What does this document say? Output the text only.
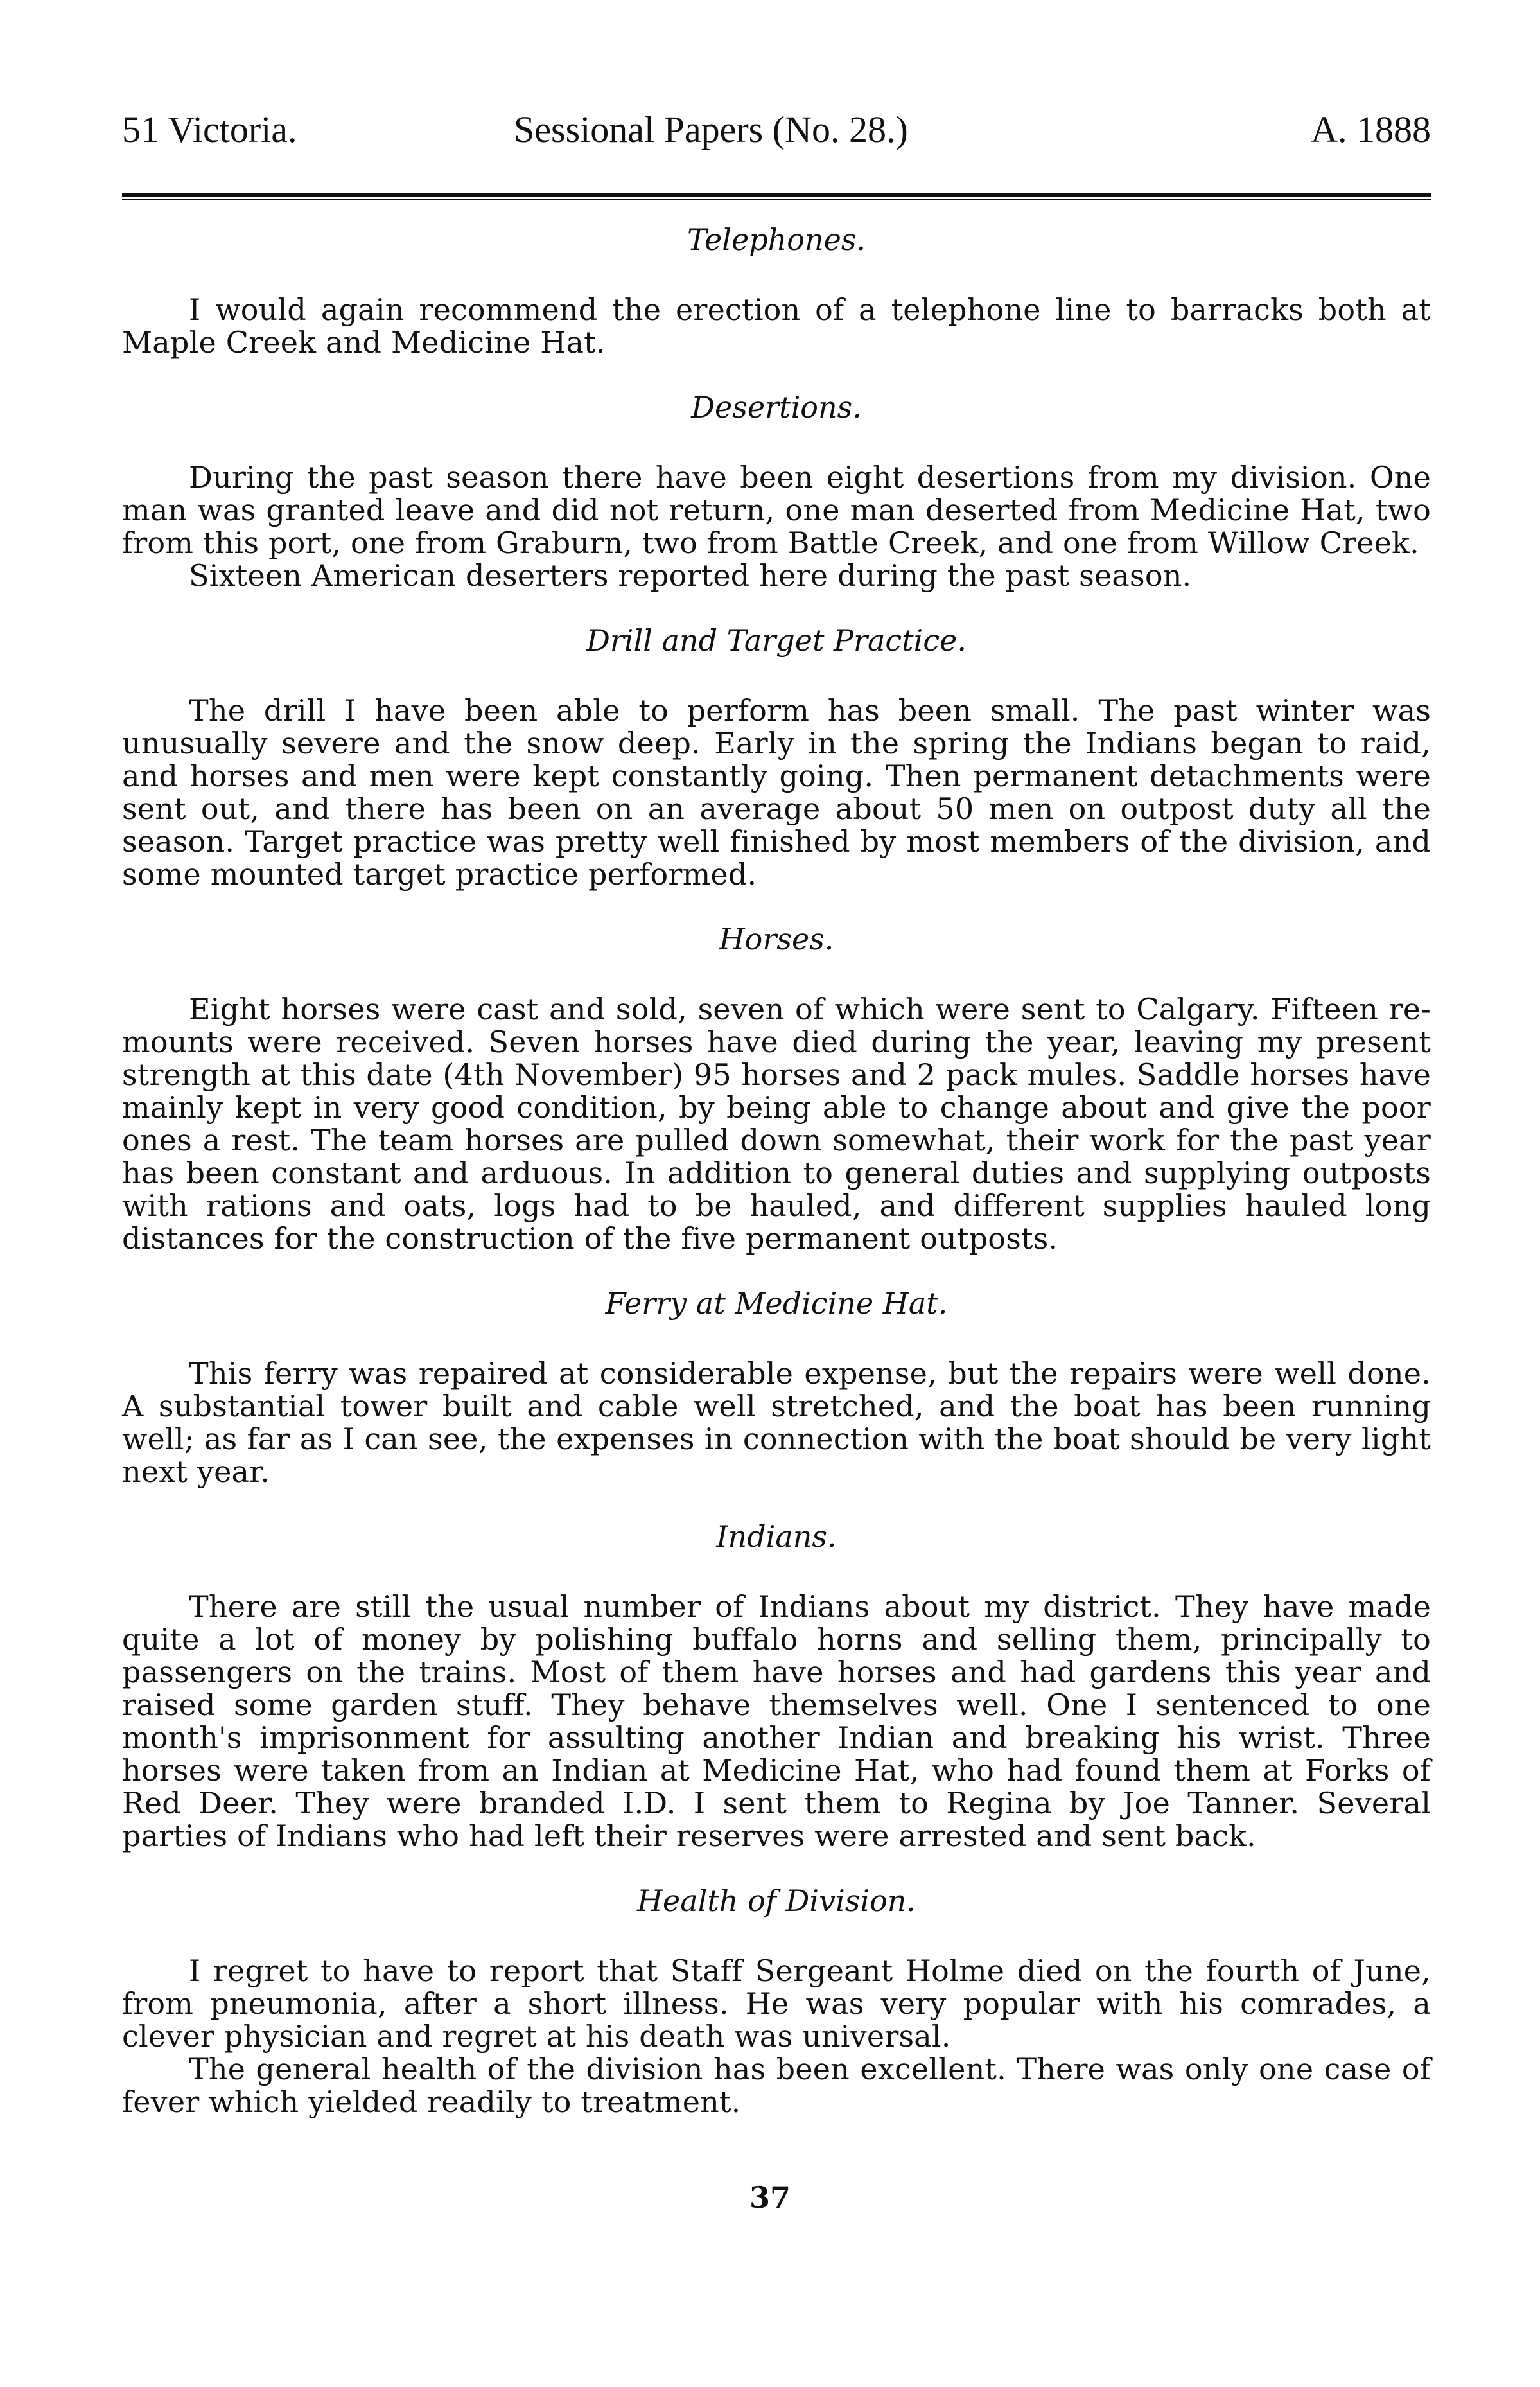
51 Victoria.	Sessional Papers (No. 28.)	A. 1888

Telephones.

I would again recommend the erection of a telephone line to barracks both at Maple Creek and Medicine Hat.

Desertions.

During the past season there have been eight desertions from my division. One man was granted leave and did not return, one man deserted from Medicine Hat, two from this port, one from Graburn, two from Battle Creek, and one from Willow Creek.

Sixteen American deserters reported here during the past season.

Drill and Target Practice.

The drill I have been able to perform has been small. The past winter was unusually severe and the snow deep. Early in the spring the Indians began to raid, and horses and men were kept constantly going. Then permanent detachments were sent out, and there has been on an average about 50 men on outpost duty all the season. Target practice was pretty well finished by most members of the division, and some mounted target practice performed.

Horses.

Eight horses were cast and sold, seven of which were sent to Calgary. Fifteen re-mounts were received. Seven horses have died during the year, leaving my present strength at this date (4th November) 95 horses and 2 pack mules. Saddle horses have mainly kept in very good condition, by being able to change about and give the poor ones a rest. The team horses are pulled down somewhat, their work for the past year has been constant and arduous. In addition to general duties and supplying outposts with rations and oats, logs had to be hauled, and different supplies hauled long distances for the construction of the five permanent outposts.

Ferry at Medicine Hat.

This ferry was repaired at considerable expense, but the repairs were well done. A substantial tower built and cable well stretched, and the boat has been running well; as far as I can see, the expenses in connection with the boat should be very light next year.

Indians.

There are still the usual number of Indians about my district. They have made quite a lot of money by polishing buffalo horns and selling them, principally to passengers on the trains. Most of them have horses and had gardens this year and raised some garden stuff. They behave themselves well. One I sentenced to one month's imprisonment for assulting another Indian and breaking his wrist. Three horses were taken from an Indian at Medicine Hat, who had found them at Forks of Red Deer. They were branded I.D. I sent them to Regina by Joe Tanner. Several parties of Indians who had left their reserves were arrested and sent back.

Health of Division.

I regret to have to report that Staff Sergeant Holme died on the fourth of June, from pneumonia, after a short illness. He was very popular with his comrades, a clever physician and regret at his death was universal.

The general health of the division has been excellent. There was only one case of fever which yielded readily to treatment.

37
